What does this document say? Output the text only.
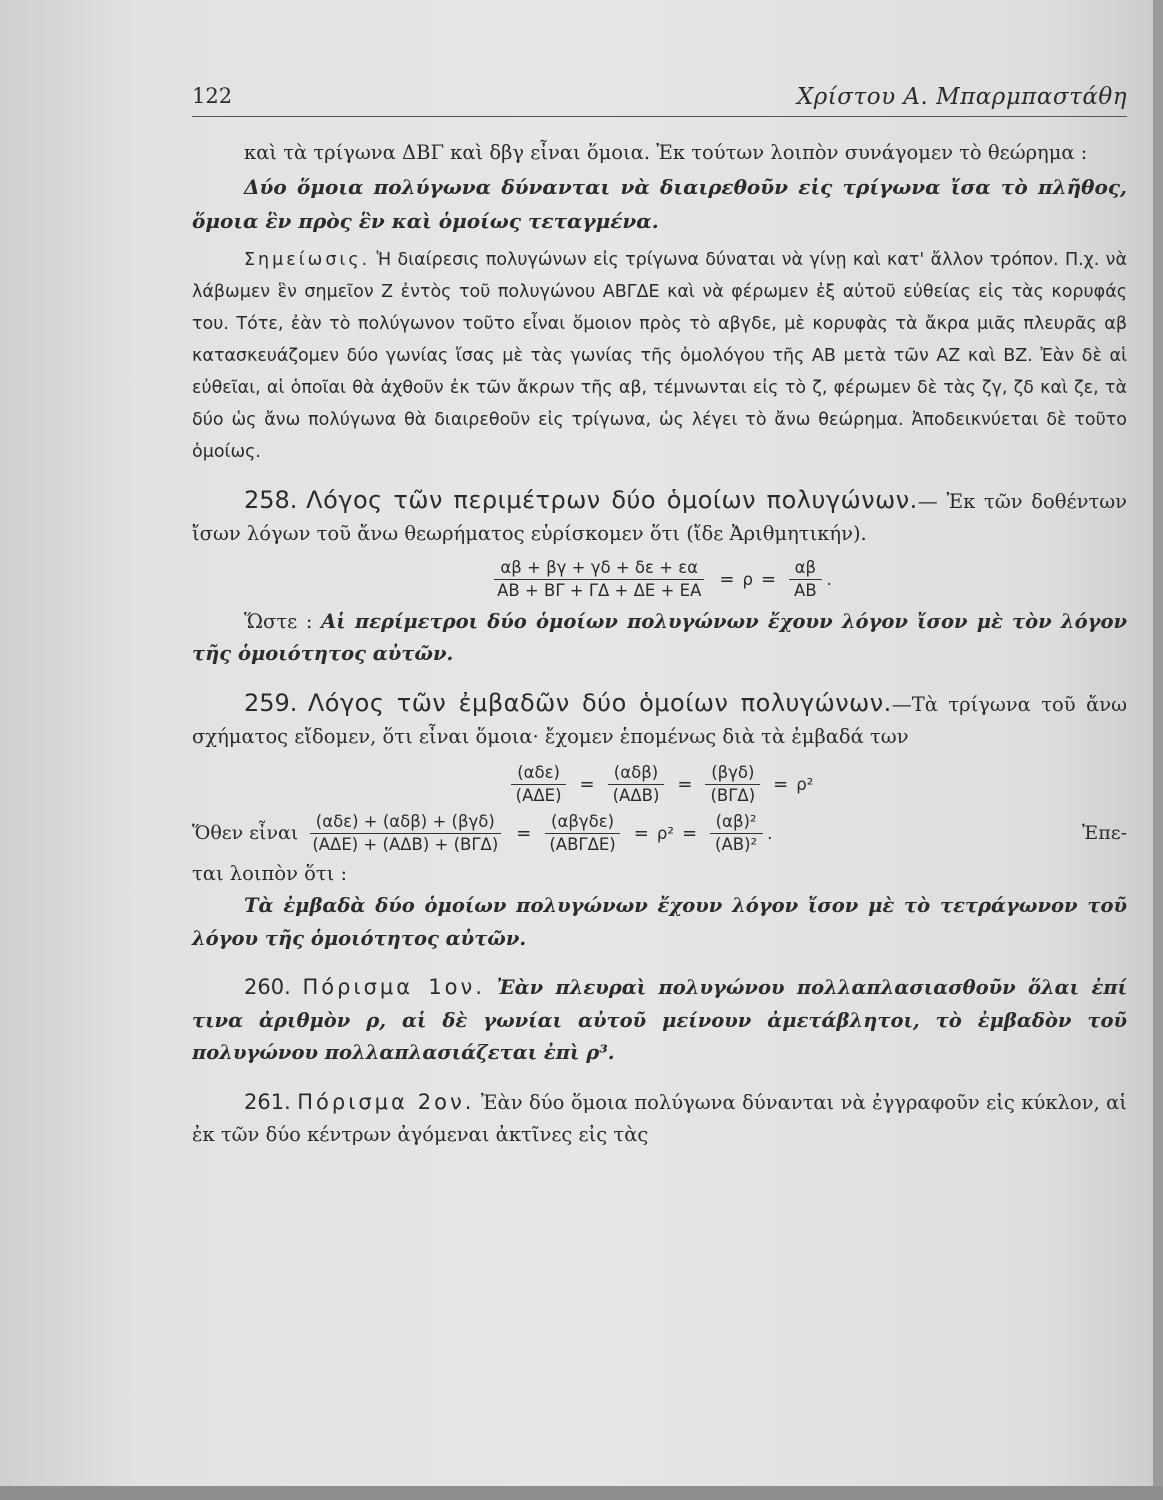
122	Χρίστου Α. Μπαρμπαστάθη

καὶ τὰ τρίγωνα ΔΒΓ καὶ δβγ εἶναι ὅμοια. Ἐκ τούτων λοιπὸν συνάγομεν τὸ θεώρημα :

Δύο ὅμοια πολύγωνα δύνανται νὰ διαιρεθοῦν εἰς τρίγωνα ἴσα τὸ πλῆθος, ὅμοια ἓν πρὸς ἓν καὶ ὁμοίως τεταγμένα.

Σημείωσις. Ἡ διαίρεσις πολυγώνων εἰς τρίγωνα δύναται νὰ γίνῃ καὶ κατ' ἄλλον τρόπον. Π.χ. νὰ λάβωμεν ἓν σημεῖον Ζ ἐντὸς τοῦ πολυγώνου ΑΒΓΔΕ καὶ νὰ φέρωμεν ἐξ αὐτοῦ εὐθείας εἰς τὰς κορυφάς του. Τότε, ἐὰν τὸ πολύγωνον τοῦτο εἶναι ὅμοιον πρὸς τὸ αβγδε, μὲ κορυφὰς τὰ ἄκρα μιᾶς πλευρᾶς αβ κατασκευάζομεν δύο γωνίας ἴσας μὲ τὰς γωνίας τῆς ὁμολόγου τῆς ΑΒ μετὰ τῶν ΑΖ καὶ ΒΖ. Ἐὰν δὲ αἱ εὐθεῖαι, αἱ ὁποῖαι θὰ ἀχθοῦν ἐκ τῶν ἄκρων τῆς αβ, τέμνωνται εἰς τὸ ζ, φέρωμεν δὲ τὰς ζγ, ζδ καὶ ζε, τὰ δύο ὡς ἄνω πολύγωνα θὰ διαιρεθοῦν εἰς τρίγωνα, ὡς λέγει τὸ ἄνω θεώρημα. Ἀποδεικνύεται δὲ τοῦτο ὁμοίως.

258. Λόγος τῶν περιμέτρων δύο ὁμοίων πολυγώνων.— Ἐκ τῶν δοθέντων ἴσων λόγων τοῦ ἄνω θεωρήματος εὑρίσκομεν ὅτι (ἴδε Ἀριθμητικήν).

$\frac{\alpha\beta + \beta\gamma + \gamma\delta + \delta\varepsilon + \varepsilon\alpha}{AB + B\Gamma + \Gamma\Delta + \Delta E + EA} = \rho = \frac{\alpha\beta}{AB}$ .

Ὥστε : Αἱ περίμετροι δύο ὁμοίων πολυγώνων ἔχουν λόγον ἴσον μὲ τὸν λόγον τῆς ὁμοιότητος αὐτῶν.

259. Λόγος τῶν ἐμβαδῶν δύο ὁμοίων πολυγώνων.—Τὰ τρίγωνα τοῦ ἄνω σχήματος εἴδομεν, ὅτι εἶναι ὅμοια· ἔχομεν ἑπομένως διὰ τὰ ἐμβαδά των

$\frac{\text{(αδε)}}{\text{(ΑΔΕ)}} = \frac{\text{(αδβ)}}{\text{(ΑΔΒ)}} = \frac{\text{(βγδ)}}{\text{(ΒΓΔ)}} = \rho^2$
Ὅθεν εἶναι $\frac{\text{(αδε) + (αδβ) + (βγδ)}}{\text{(ΑΔΕ) + (ΑΔΒ) + (ΒΓΔ)}} = \frac{\text{(αβγδε)}}{\text{(ΑΒΓΔΕ)}} = \rho^2 = \frac{\text{(αβ)²}}{\text{(ΑΒ)²}}$ .	Ἐπε-

ται λοιπὸν ὅτι :

Τὰ ἐμβαδὰ δύο ὁμοίων πολυγώνων ἔχουν λόγον ἴσον μὲ τὸ τετράγωνον τοῦ λόγου τῆς ὁμοιότητος αὐτῶν.

260. Πόρισμα 1ον. Ἐὰν πλευραὶ πολυγώνου πολλαπλασιασθοῦν ὅλαι ἐπί τινα ἀριθμὸν ρ, αἱ δὲ γωνίαι αὐτοῦ μείνουν ἀμετάβλητοι, τὸ ἐμβαδὸν τοῦ πολυγώνου πολλαπλασιάζεται ἐπὶ ρ³.

261. Πόρισμα 2ον. Ἐὰν δύο ὅμοια πολύγωνα δύνανται νὰ ἐγγραφοῦν εἰς κύκλον, αἱ ἐκ τῶν δύο κέντρων ἀγόμεναι ἀκτῖνες εἰς τὰς
